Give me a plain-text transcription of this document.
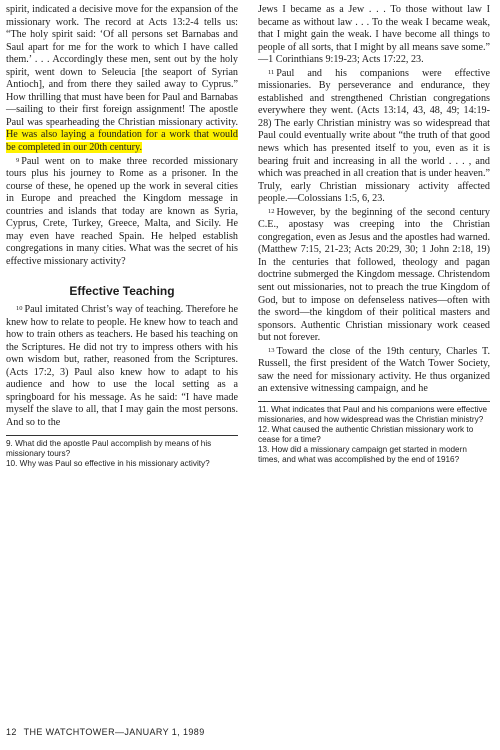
spirit, indicated a decisive move for the expansion of the missionary work. The record at Acts 13:2-4 tells us: “The holy spirit said: ‘Of all persons set Barnabas and Saul apart for me for the work to which I have called them.’ . . . Accordingly these men, sent out by the holy spirit, went down to Seleucia [the seaport of Syrian Antioch], and from there they sailed away to Cyprus.” How thrilling that must have been for Paul and Barnabas—sailing to their first foreign assignment! The apostle Paul was spearheading the Christian missionary activity. He was also laying a foundation for a work that would be completed in our 20th century.

9 Paul went on to make three recorded missionary tours plus his journey to Rome as a prisoner. In the course of these, he opened up the work in several cities in Europe and preached the Kingdom message in countries and islands that today are known as Syria, Cyprus, Crete, Turkey, Greece, Malta, and Sicily. He may even have reached Spain. He helped establish congregations in many cities. What was the secret of his effective missionary activity?

Effective Teaching

10 Paul imitated Christ’s way of teaching. Therefore he knew how to relate to people. He knew how to teach and how to train others as teachers. He based his teaching on the Scriptures. He did not try to impress others with his own wisdom but, rather, reasoned from the Scriptures. (Acts 17:2, 3) Paul also knew how to adapt to his audience and how to use the local setting as a springboard for his message. As he said: “I have made myself the slave to all, that I may gain the most persons. And so to the

9. What did the apostle Paul accomplish by means of his missionary tours?

10. Why was Paul so effective in his missionary activity?

Jews I became as a Jew . . . To those without law I became as without law . . . To the weak I became weak, that I might gain the weak. I have become all things to people of all sorts, that I might by all means save some.” —1 Corinthians 9:19-23; Acts 17:22, 23.

11 Paul and his companions were effective missionaries. By perseverance and endurance, they established and strengthened Christian congregations everywhere they went. (Acts 13:14, 43, 48, 49; 14:19-28) The early Christian ministry was so widespread that Paul could eventually write about “the truth of that good news which has presented itself to you, even as it is bearing fruit and increasing in all the world . . . , and which was preached in all creation that is under heaven.” Truly, early Christian missionary activity affected people.—Colossians 1:5, 6, 23.

12 However, by the beginning of the second century C.E., apostasy was creeping into the Christian congregation, even as Jesus and the apostles had warned. (Matthew 7:15, 21-23; Acts 20:29, 30; 1 John 2:18, 19) In the centuries that followed, theology and pagan doctrine submerged the Kingdom message. Christendom sent out missionaries, not to preach the true Kingdom of God, but to impose on defenseless natives—often with the sword—the kingdom of their political masters and sponsors. Authentic Christian missionary work ceased but not forever.

13 Toward the close of the 19th century, Charles T. Russell, the first president of the Watch Tower Society, saw the need for missionary activity. He thus organized an extensive witnessing campaign, and he

11. What indicates that Paul and his companions were effective missionaries, and how widespread was the Christian ministry?

12. What caused the authentic Christian missionary work to cease for a time?

13. How did a missionary campaign get started in modern times, and what was accomplished by the end of 1916?

12 THE WATCHTOWER—JANUARY 1, 1989
